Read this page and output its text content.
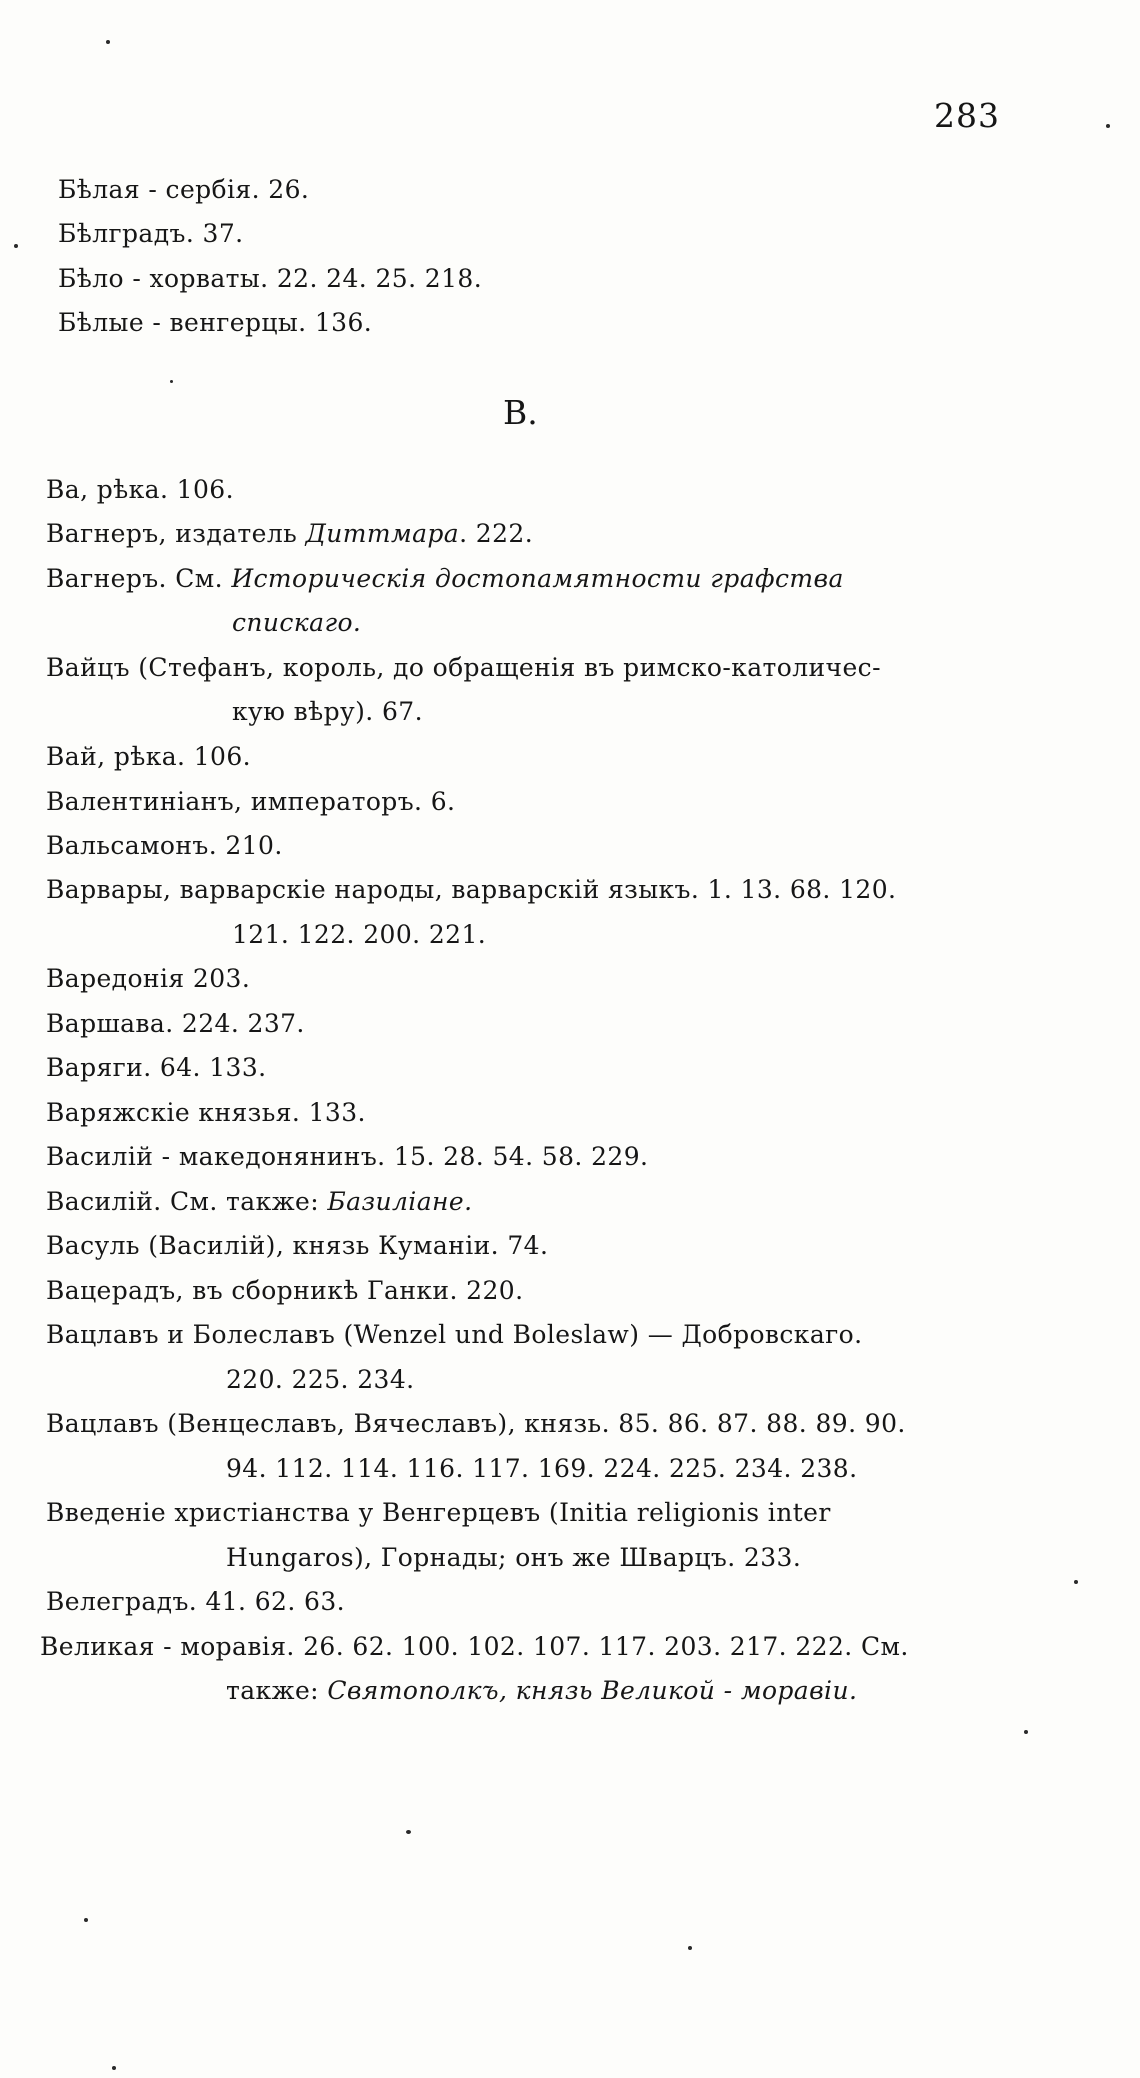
283
Бѣлая - сербія. 26.
Бѣлградъ. 37.
Бѣло - хорваты. 22. 24. 25. 218.
Бѣлые - венгерцы. 136.
В.
Ва, рѣка. 106.
Вагнеръ, издатель Диттмара. 222.
Вагнеръ. См. Историческія достопамятности графства
спискаго.
Вайцъ (Стефанъ, король, до обращенія въ римско-католичес-
кую вѣру). 67.
Вай, рѣка. 106.
Валентиніанъ, императоръ. 6.
Вальсамонъ. 210.
Варвары, варварскіе народы, варварскій языкъ. 1. 13. 68. 120.
121. 122. 200. 221.
Варедонія 203.
Варшава. 224. 237.
Варяги. 64. 133.
Варяжскіе князья. 133.
Василій - македонянинъ. 15. 28. 54. 58. 229.
Василій. См. также: Базиліане.
Васуль (Василій), князь Куманіи. 74.
Вацерадъ, въ сборникѣ Ганки. 220.
Вацлавъ и Болеславъ (Wenzel und Boleslaw) — Добровскаго.
220. 225. 234.
Вацлавъ (Венцеславъ, Вячеславъ), князь. 85. 86. 87. 88. 89. 90.
94. 112. 114. 116. 117. 169. 224. 225. 234. 238.
Введеніе христіанства у Венгерцевъ (Initia religionis inter
Hungaros), Горнады; онъ же Шварцъ. 233.
Велеградъ. 41. 62. 63.
Великая - моравія. 26. 62. 100. 102. 107. 117. 203. 217. 222. См.
также: Святополкъ, князь Великой - моравіи.
